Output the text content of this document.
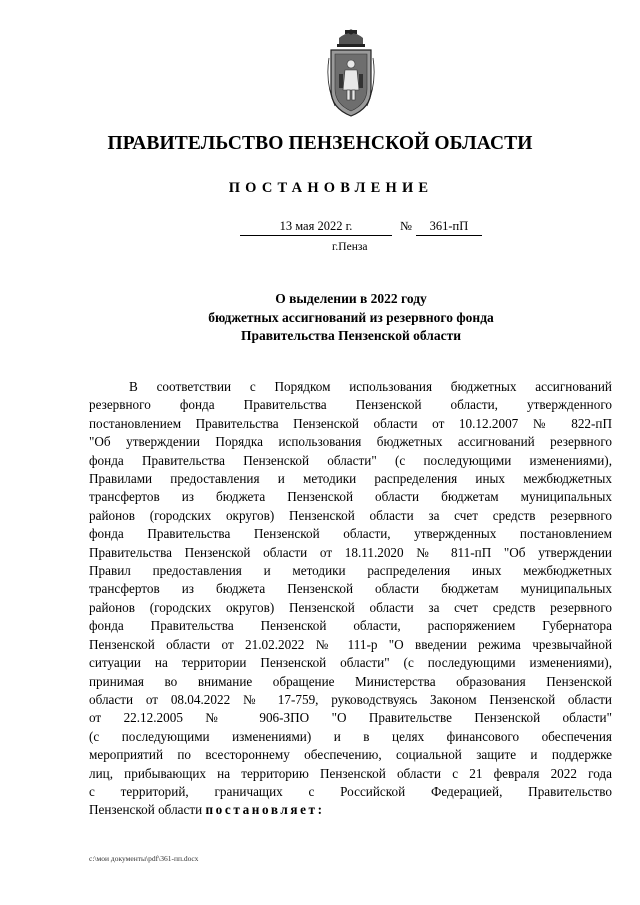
ПРАВИТЕЛЬСТВО ПЕНЗЕНСКОЙ ОБЛАСТИ
ПОСТАНОВЛЕНИЕ
13 мая 2022 г.	№ 361-пП
г.Пенза
О выделении в 2022 году
бюджетных ассигнований из резервного фонда
Правительства Пензенской области
В соответствии с Порядком использования бюджетных ассигнований
резервного фонда Правительства Пензенской области, утвержденного
постановлением Правительства Пензенской области от 10.12.2007 № 822-пП
"Об утверждении Порядка использования бюджетных ассигнований резервного
фонда Правительства Пензенской области" (с последующими изменениями),
Правилами предоставления и методики распределения иных межбюджетных
трансфертов из бюджета Пензенской области бюджетам муниципальных
районов (городских округов) Пензенской области за счет средств резервного
фонда Правительства Пензенской области, утвержденных постановлением
Правительства Пензенской области от 18.11.2020 № 811-пП "Об утверждении
Правил предоставления и методики распределения иных межбюджетных
трансфертов из бюджета Пензенской области бюджетам муниципальных
районов (городских округов) Пензенской области за счет средств резервного
фонда Правительства Пензенской области, распоряжением Губернатора
Пензенской области от 21.02.2022 № 111-р "О введении режима чрезвычайной
ситуации на территории Пензенской области" (с последующими изменениями),
принимая во внимание обращение Министерства образования Пензенской
области от 08.04.2022 № 17-759, руководствуясь Законом Пензенской области
от 22.12.2005 № 906-ЗПО "О Правительстве Пензенской области"
(с последующими изменениями) и в целях финансового обеспечения
мероприятий по всестороннему обеспечению, социальной защите и поддержке
лиц, прибывающих на территорию Пензенской области с 21 февраля 2022 года
с территорий, граничащих с Российской Федерацией, Правительство
Пензенской области постановляет:
c:\мои документы\pdf\361-пп.docx
